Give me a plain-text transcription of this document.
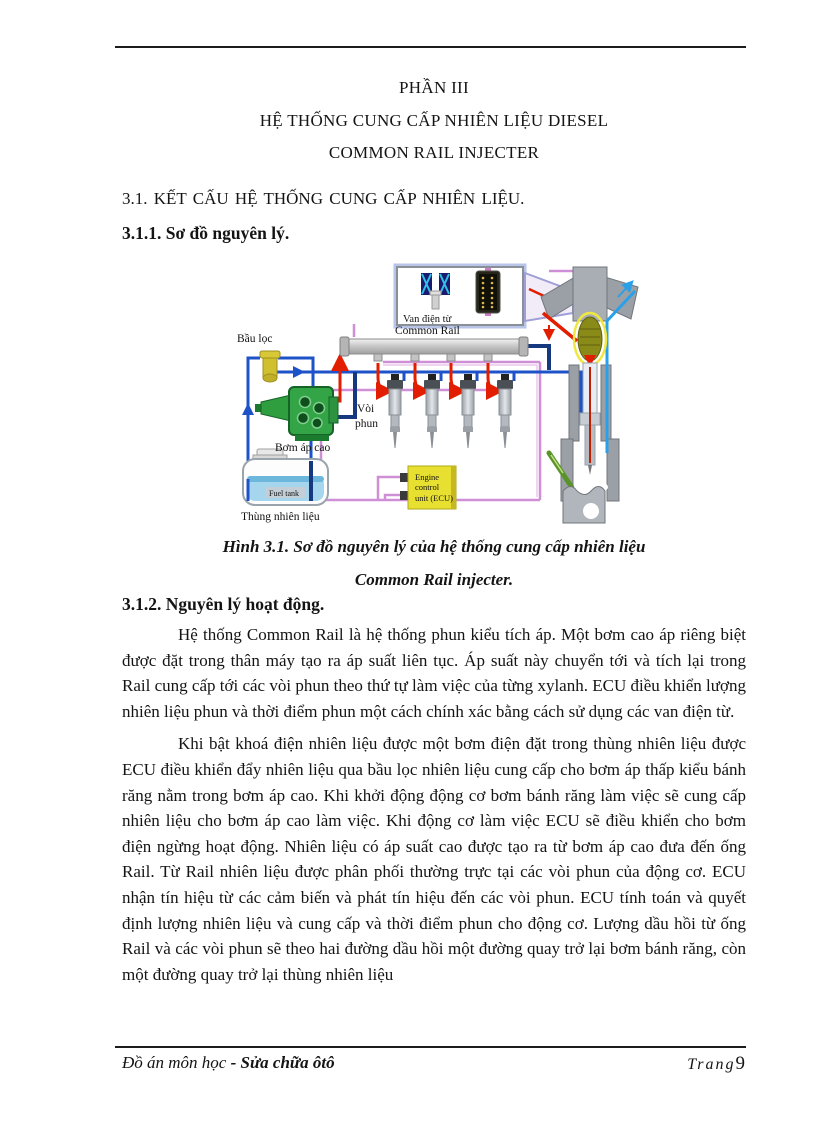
PHẦN III
HỆ THỐNG CUNG CẤP NHIÊN LIỆU DIESEL
COMMON RAIL INJECTER
3.1. KẾT CẤU HỆ THỐNG CUNG CẤP NHIÊN LIỆU.
3.1.1. Sơ đồ nguyên lý.
Fuel tank
Van điện từ
Engine
control
unit (ECU)
Bầu lọc
Common Rail
Vòi
phun
Bơm áp cao
Thùng nhiên liệu
Hình 3.1. Sơ đồ nguyên lý của hệ thống cung cấp nhiên liệu
Common Rail injecter.
3.1.2. Nguyên lý hoạt động.

Hệ thống Common Rail là hệ thống phun kiểu tích áp. Một bơm cao áp riêng biệt được đặt trong thân máy tạo ra áp suất liên tục. Áp suất này chuyển tới và tích lại trong Rail cung cấp tới các vòi phun theo thứ tự làm việc của từng xylanh. ECU điều khiển lượng nhiên liệu phun và thời điểm phun một cách chính xác bằng cách sử dụng các van điện từ.

Khi bật khoá điện nhiên liệu được một bơm điện đặt trong thùng nhiên liệu được ECU điều khiển đẩy nhiên liệu qua bầu lọc nhiên liệu cung cấp cho bơm áp thấp kiểu bánh răng nằm trong bơm áp cao. Khi khởi động động cơ bơm bánh răng làm việc sẽ cung cấp nhiên liệu cho bơm áp cao làm việc. Khi động cơ làm việc ECU sẽ điều khiển cho bơm điện ngừng hoạt động. Nhiên liệu có áp suất cao được tạo ra từ bơm áp cao đưa đến ống Rail. Từ Rail nhiên liệu được phân phối thường trực tại các vòi phun của động cơ. ECU nhận tín hiệu từ các cảm biến và phát tín hiệu đến các vòi phun. ECU tính toán và quyết định lượng nhiên liệu và cung cấp và thời điểm phun cho động cơ. Lượng dầu hồi từ ống Rail và các vòi phun sẽ theo hai đường dầu hồi một đường quay trở lại bơm bánh răng, còn một đường quay trở lại thùng nhiên liệu

Đồ án môn học - Sửa chữa ôtô	Trang9
